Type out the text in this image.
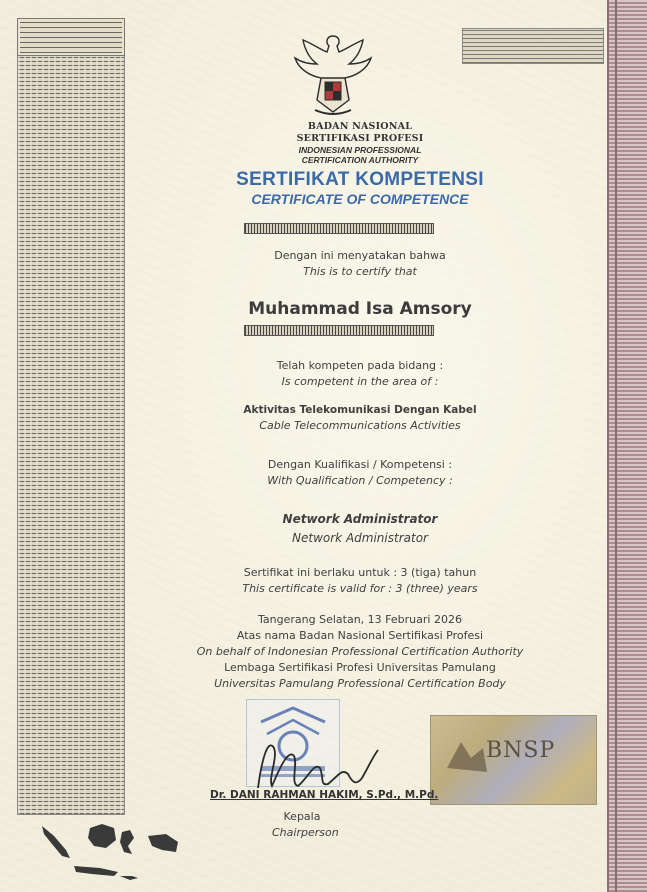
BADAN NASIONAL
SERTIFIKASI PROFESI
INDONESIAN PROFESSIONAL
CERTIFICATION AUTHORITY
SERTIFIKAT KOMPETENSI
CERTIFICATE OF COMPETENCE
Dengan ini menyatakan bahwa
This is to certify that
Muhammad Isa Amsory
Telah kompeten pada bidang :
Is competent in the area of :
Aktivitas Telekomunikasi Dengan Kabel
Cable Telecommunications Activities
Dengan Kualifikasi / Kompetensi :
With Qualification / Competency :
Network Administrator
Network Administrator
Sertifikat ini berlaku untuk : 3 (tiga) tahun
This certificate is valid for : 3 (three) years
Tangerang Selatan, 13 Februari 2026
Atas nama Badan Nasional Sertifikasi Profesi
On behalf of Indonesian Professional Certification Authority
Lembaga Sertifikasi Profesi Universitas Pamulang
Universitas Pamulang Professional Certification Body
BNSP
Dr. DANI RAHMAN HAKIM, S.Pd., M.Pd.
Kepala
Chairperson
